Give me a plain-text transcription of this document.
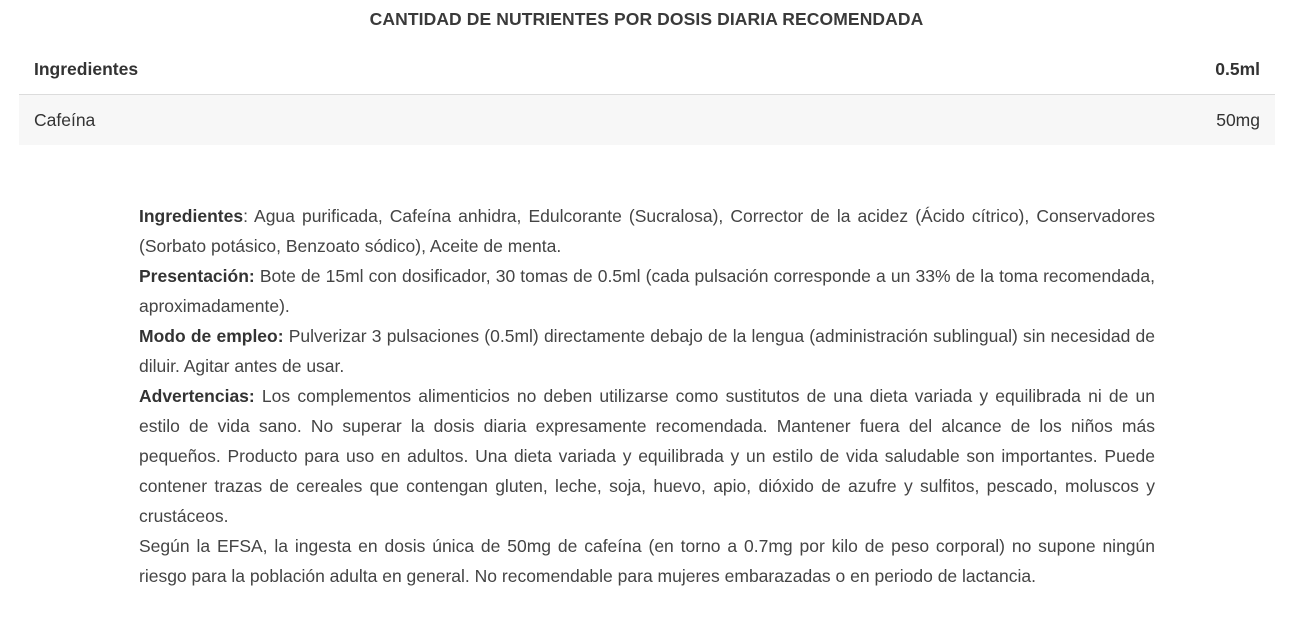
CANTIDAD DE NUTRIENTES POR DOSIS DIARIA RECOMENDADA
Ingredientes	0.5ml
Cafeína	50mg

Ingredientes: Agua purificada, Cafeína anhidra, Edulcorante (Sucralosa), Corrector de la acidez (Ácido cítrico), Conservadores (Sorbato potásico, Benzoato sódico), Aceite de menta.

Presentación: Bote de 15ml con dosificador, 30 tomas de 0.5ml (cada pulsación corresponde a un 33% de la toma recomendada, aproximadamente).

Modo de empleo: Pulverizar 3 pulsaciones (0.5ml) directamente debajo de la lengua (administración sublingual) sin necesidad de diluir. Agitar antes de usar.

Advertencias: Los complementos alimenticios no deben utilizarse como sustitutos de una dieta variada y equilibrada ni de un estilo de vida sano. No superar la dosis diaria expresamente recomendada. Mantener fuera del alcance de los niños más pequeños. Producto para uso en adultos. Una dieta variada y equilibrada y un estilo de vida saludable son importantes. Puede contener trazas de cereales que contengan gluten, leche, soja, huevo, apio, dióxido de azufre y sulfitos, pescado, moluscos y crustáceos.

Según la EFSA, la ingesta en dosis única de 50mg de cafeína (en torno a 0.7mg por kilo de peso corporal) no supone ningún riesgo para la población adulta en general. No recomendable para mujeres embarazadas o en periodo de lactancia.
